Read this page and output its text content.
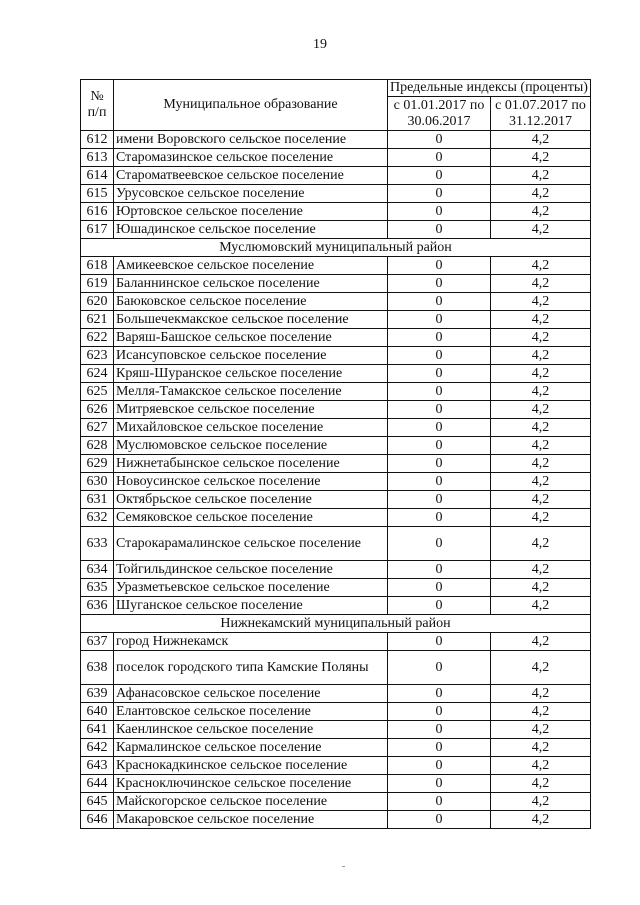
19
№ п/п	Муниципальное образование	Предельные индексы (проценты)	
		с 01.01.2017 по 30.06.2017	с 01.07.2017 по 31.12.2017
612	имени Воровского сельское поселение	0	4,2
613	Старомазинское сельское поселение	0	4,2
614	Староматвеевское сельское поселение	0	4,2
615	Урусовское сельское поселение	0	4,2
616	Юртовское сельское поселение	0	4,2
617	Юшадинское сельское поселение	0	4,2
Муслюмовский муниципальный район			
618	Амикеевское сельское поселение	0	4,2
619	Баланнинское сельское поселение	0	4,2
620	Баюковское сельское поселение	0	4,2
621	Большечекмакское сельское поселение	0	4,2
622	Варяш-Башское сельское поселение	0	4,2
623	Исансуповское сельское поселение	0	4,2
624	Кряш-Шуранское сельское поселение	0	4,2
625	Мелля-Тамакское сельское поселение	0	4,2
626	Митряевское сельское поселение	0	4,2
627	Михайловское сельское поселение	0	4,2
628	Муслюмовское сельское поселение	0	4,2
629	Нижнетабынское сельское поселение	0	4,2
630	Новоусинское сельское поселение	0	4,2
631	Октябрьское сельское поселение	0	4,2
632	Семяковское сельское поселение	0	4,2
633	Старокарамалинское сельское поселение	0	4,2
634	Тойгильдинское сельское поселение	0	4,2
635	Уразметьевское сельское поселение	0	4,2
636	Шуганское сельское поселение	0	4,2
Нижнекамский муниципальный район			
637	город Нижнекамск	0	4,2
638	поселок городского типа Камские Поляны	0	4,2
639	Афанасовское сельское поселение	0	4,2
640	Елантовское сельское поселение	0	4,2
641	Каенлинское сельское поселение	0	4,2
642	Кармалинское сельское поселение	0	4,2
643	Краснокадкинское сельское поселение	0	4,2
644	Красноключинское сельское поселение	0	4,2
645	Майскогорское сельское поселение	0	4,2
646	Макаровское сельское поселение	0	4,2
